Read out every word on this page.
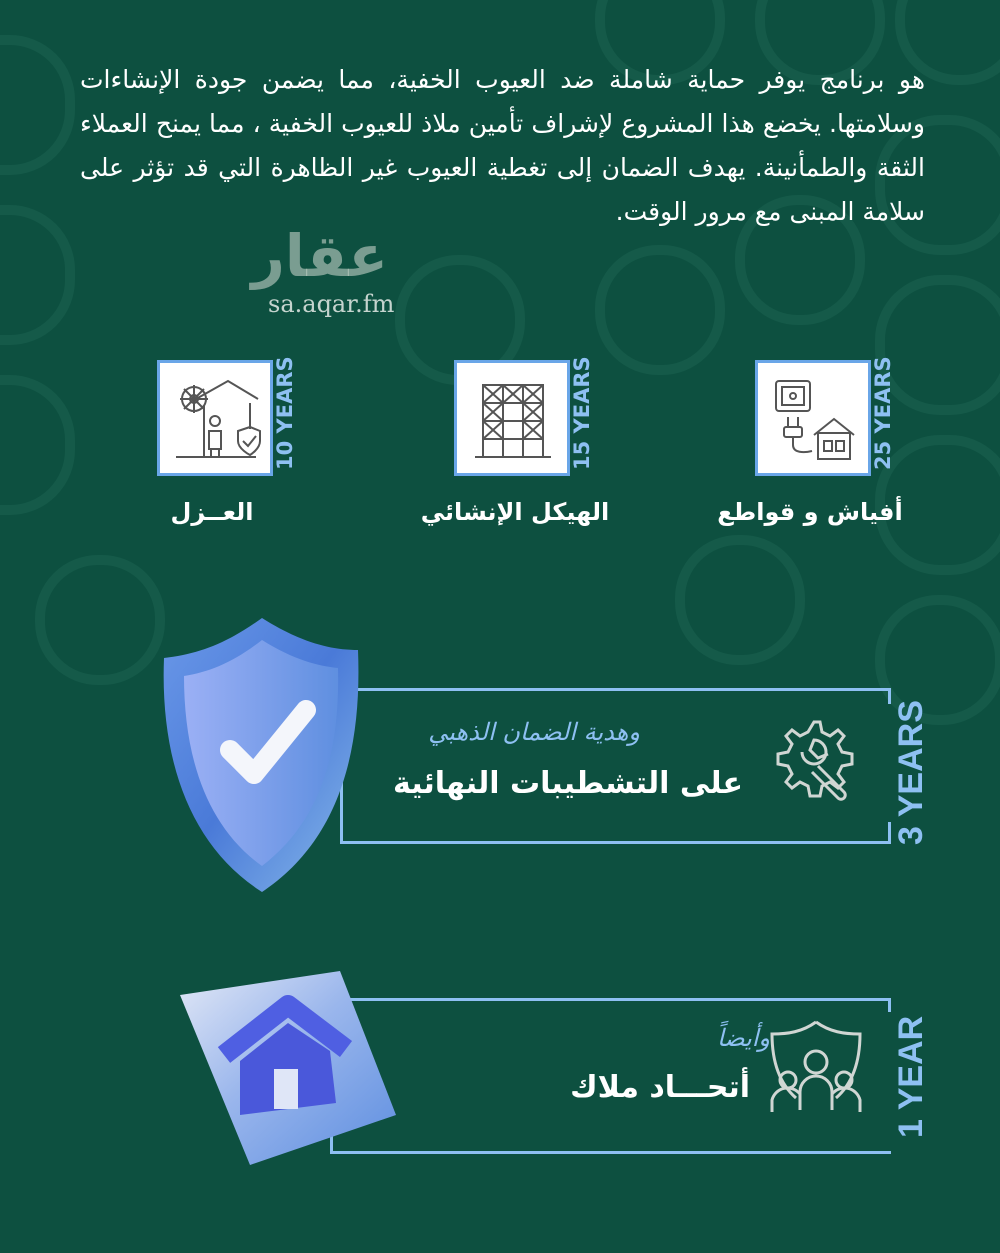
هو برنامج يوفر حماية شاملة ضد العيوب الخفية، مما يضمن جودة الإنشاءات وسلامتها. يخضع هذا المشروع لإشراف تأمين ملاذ للعيوب الخفية ، مما يمنح العملاء الثقة والطمأنينة. يهدف الضمان إلى تغطية العيوب غير الظاهرة التي قد تؤثر على سلامة المبنى مع مرور الوقت.
عقار
sa.aqar.fm
10 YEARS
العــزل
15 YEARS
الهيكل الإنشائي
25 YEARS
أفياش و قواطع
وهدية الضمان الذهبي
على التشطيبات النهائية	3 YEARS
وأيضاً
أتحـــاد ملاك	1 YEAR
